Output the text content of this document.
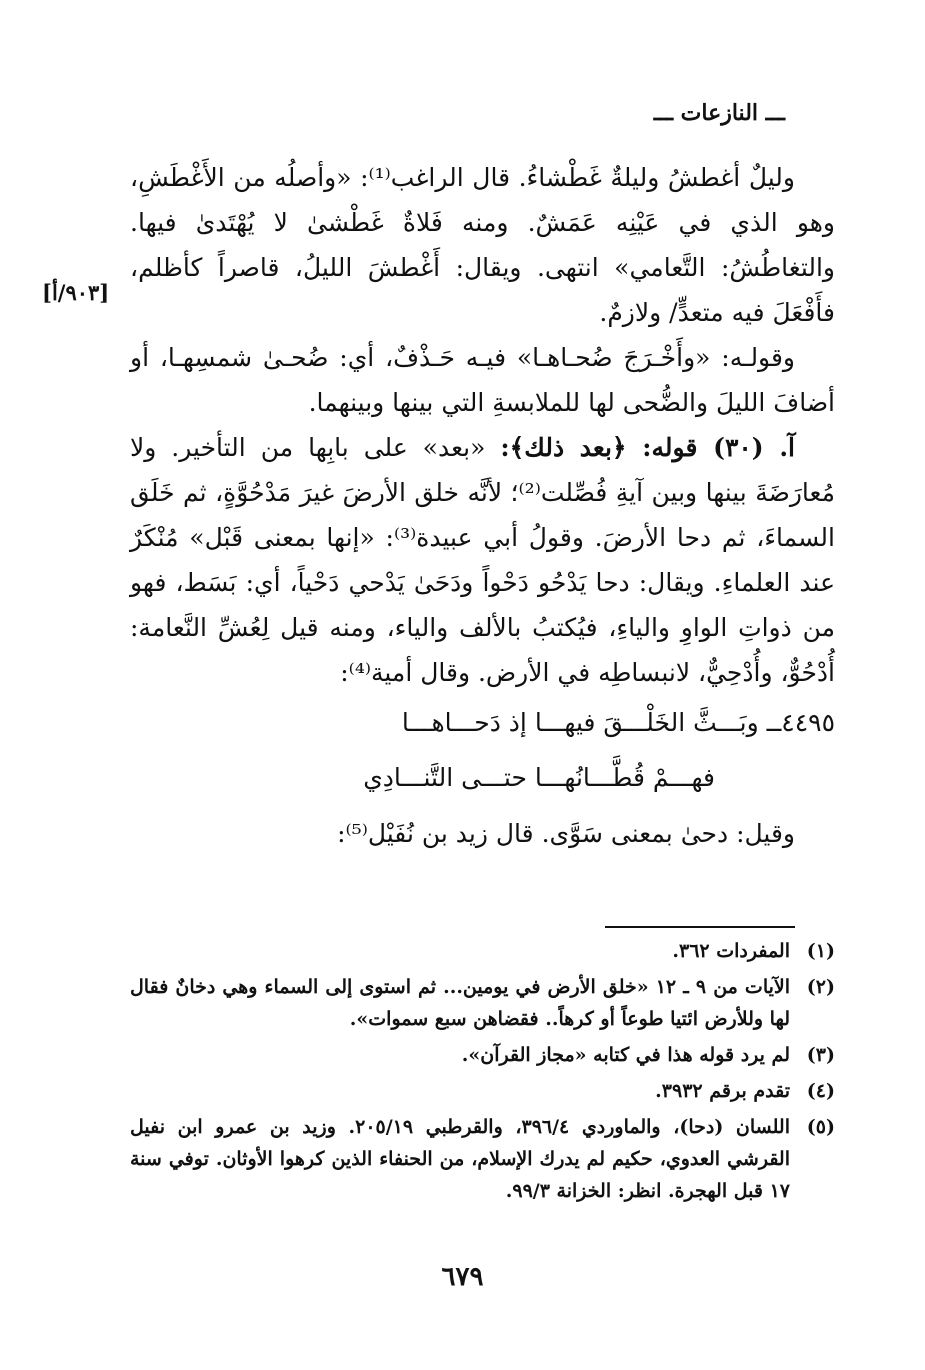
ـــ النازعات ـــ
[٩٠٣/أ]

وليلٌ أغطشُ وليلةٌ غَطْشاءُ. قال الراغب⁽¹⁾: «وأصلُه من الأَغْطَشِ، وهو الذي في عَيْنِه عَمَشٌ. ومنه فَلاةٌ غَطْشىٰ لا يُهْتَدىٰ فيها. والتغاطُشُ: التَّعامي» انتهى. ويقال: أَغْطشَ الليلُ، قاصراً كأظلم، فأَفْعَلَ فيه متعدٍّ/ ولازمٌ.

وقولـه: «وأَخْـرَجَ ضُحـاهـا» فيـه حَـذْفٌ، أي: ضُحـىٰ شمسِهـا، أو أضافَ الليلَ والضُّحى لها للملابسةِ التي بينها وبينهما.

آ. (٣٠) قوله: ﴿بعد ذلك﴾: «بعد» على بابِها من التأخير. ولا مُعارَضَةَ بينها وبين آيةِ فُصِّلت⁽²⁾؛ لأنَّه خلق الأرضَ غيرَ مَدْحُوَّةٍ، ثم خَلَق السماءَ، ثم دحا الأرضَ. وقولُ أبي عبيدة⁽³⁾: «إنها بمعنى قَبْل» مُنْكَرٌ عند العلماءِ. ويقال: دحا يَدْحُو دَحْواً ودَحَىٰ يَدْحي دَحْياً، أي: بَسَط، فهو من ذواتِ الواوِ والياءِ، فيُكتبُ بالألف والياء، ومنه قيل لِعُشِّ النَّعامة: أُدْحُوٌّ، وأُدْحِيٌّ، لانبساطِه في الأرض. وقال أمية⁽⁴⁾:

٤٤٩٥ــ وبَـــثَّ الخَلْـــقَ فيهـــا إذ دَحـــاهـــا

فهـــمْ قُطَّـــانُهـــا حتـــى التَّنـــادِي

وقيل: دحىٰ بمعنى سَوَّى. قال زيد بن نُفَيْل⁽⁵⁾:

(١)
المفردات ٣٦٢.
(٢)
الآيات من ٩ ـ ١٢ «خلق الأرض في يومين... ثم استوى إلى السماء وهي دخانٌ فقال لها وللأرض ائتيا طوعاً أو كرهاً.. فقضاهن سبع سموات».
(٣)
لم يرد قوله هذا في كتابه «مجاز القرآن».
(٤)
تقدم برقم ٣٩٣٢.
(٥)
اللسان (دحا)، والماوردي ٣٩٦/٤، والقرطبي ٢٠٥/١٩. وزيد بن عمرو ابن نفيل القرشي العدوي، حكيم لم يدرك الإسلام، من الحنفاء الذين كرهوا الأوثان. توفي سنة ١٧ قبل الهجرة. انظر: الخزانة ٩٩/٣.
٦٧٩
